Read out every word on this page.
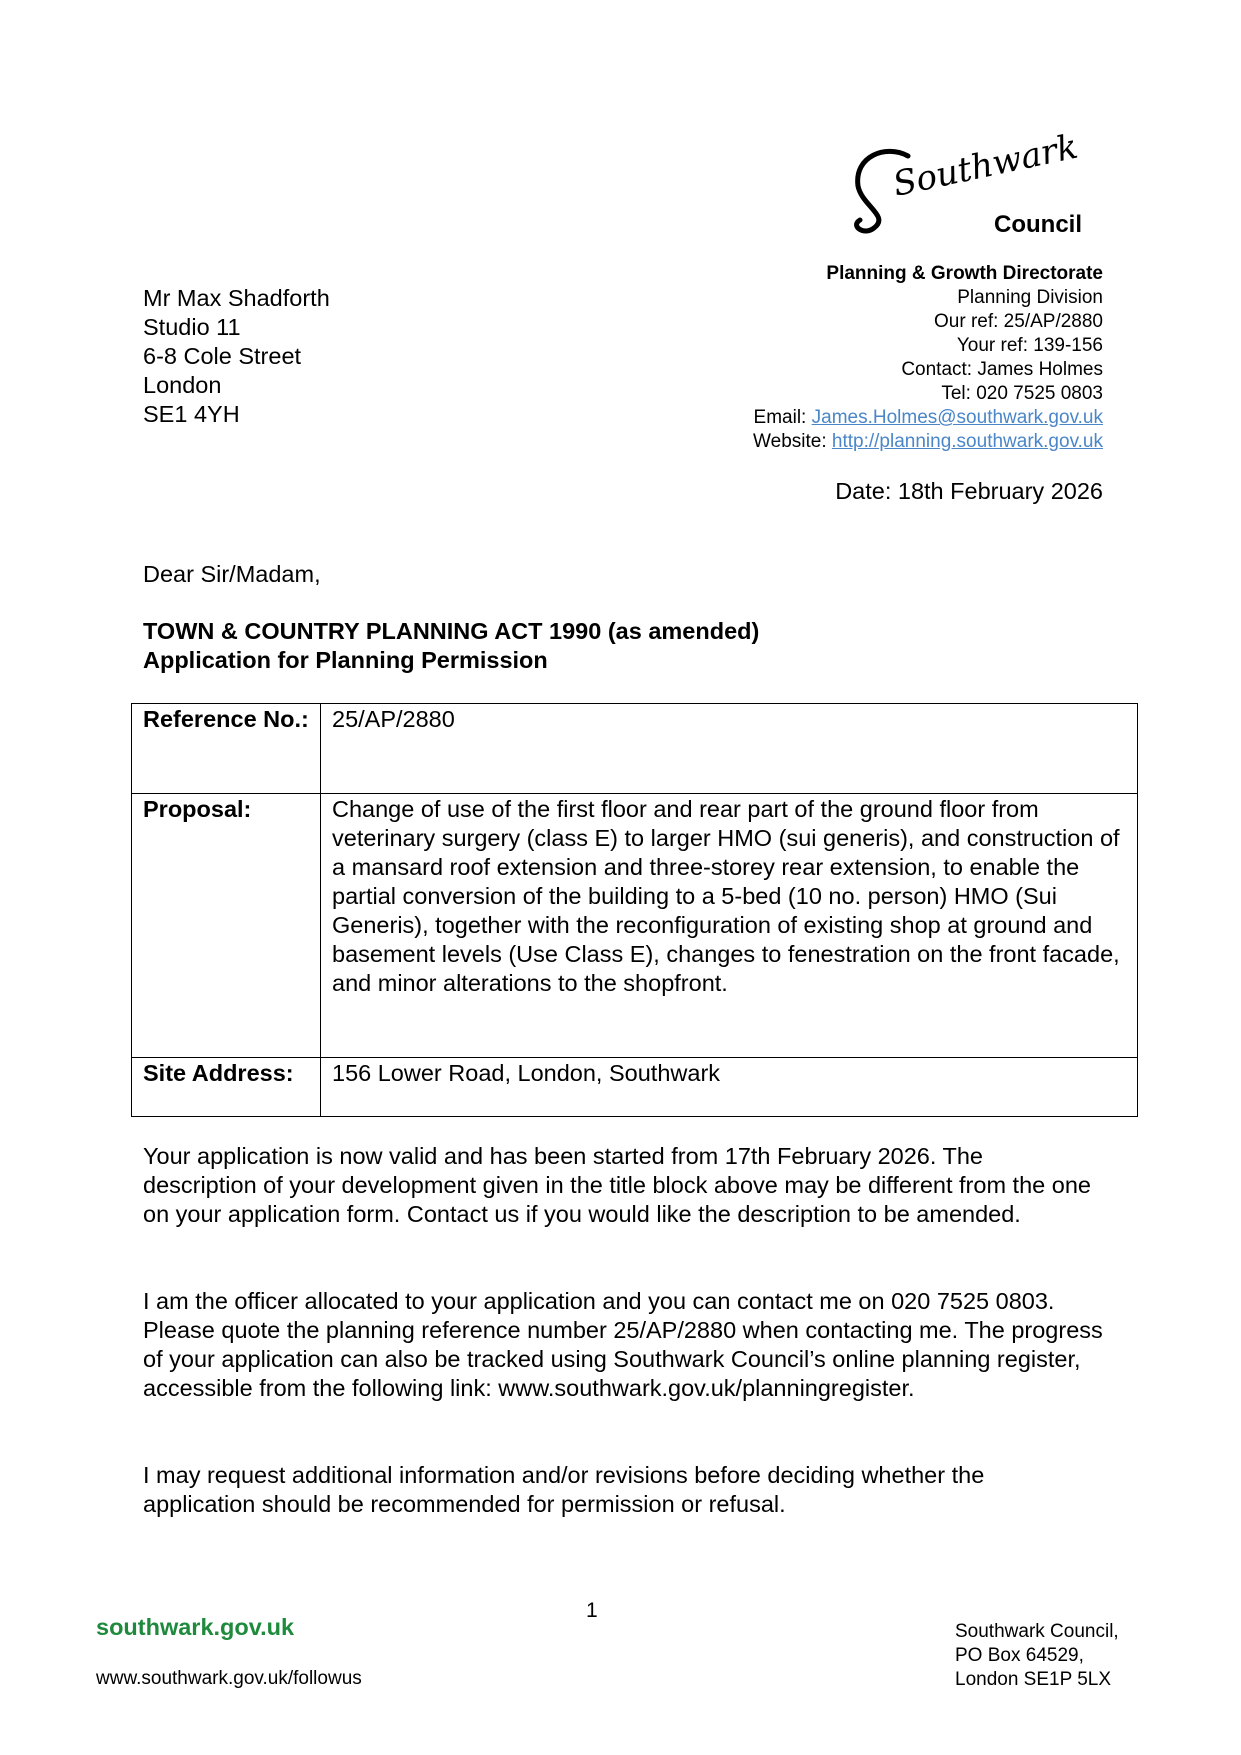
Southwark
Council
Planning & Growth Directorate
Planning Division
Our ref: 25/AP/2880
Your ref: 139-156
Contact: James Holmes
Tel: 020 7525 0803
Email: James.Holmes@southwark.gov.uk
Website: http://planning.southwark.gov.uk
Mr Max Shadforth
Studio 11
6-8 Cole Street
London
SE1 4YH
Date: 18th February 2026
Dear Sir/Madam,
TOWN & COUNTRY PLANNING ACT 1990 (as amended)
Application for Planning Permission
Reference No.:	25/AP/2880
Proposal:	Change of use of the first floor and rear part of the ground floor from veterinary surgery (class E) to larger HMO (sui generis), and construction of a mansard roof extension and three-storey rear extension, to enable the partial conversion of the building to a 5-bed (10 no. person) HMO (Sui Generis), together with the reconfiguration of existing shop at ground and basement levels (Use Class E), changes to fenestration on the front facade, and minor alterations to the shopfront.
Site Address:	156 Lower Road, London, Southwark
Your application is now valid and has been started from 17th February 2026. The description of your development given in the title block above may be different from the one on your application form. Contact us if you would like the description to be amended.
I am the officer allocated to your application and you can contact me on 020 7525 0803. Please quote the planning reference number 25/AP/2880 when contacting me. The progress of your application can also be tracked using Southwark Council’s online planning register, accessible from the following link: www.southwark.gov.uk/planningregister.
I may request additional information and/or revisions before deciding whether the application should be recommended for permission or refusal.
1
southwark.gov.uk
www.southwark.gov.uk/followus
Southwark Council,
PO Box 64529,
London SE1P 5LX
